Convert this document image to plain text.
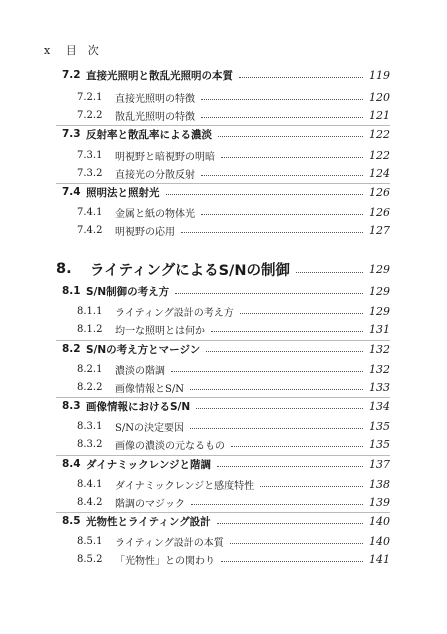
x 目　次
7.2 直接光照明と散乱光照明の本質	119
7.2.1	直接光照明の特徴	120
7.2.2	散乱光照明の特徴	121
7.3 反射率と散乱率による濃淡	122
7.3.1	明視野と暗視野の明暗	122
7.3.2	直接光の分散反射	124
7.4 照明法と照射光	126
7.4.1	金属と紙の物体光	126
7.4.2	明視野の応用	127
8.	ライティングによるS/Nの制御	129
8.1 S/N制御の考え方	129
8.1.1	ライティング設計の考え方	129
8.1.2	均一な照明とは何か	131
8.2 S/Nの考え方とマージン	132
8.2.1	濃淡の階調	132
8.2.2	画像情報とS/N	133
8.3 画像情報におけるS/N	134
8.3.1	S/Nの決定要因	135
8.3.2	画像の濃淡の元なるもの	135
8.4 ダイナミックレンジと階調	137
8.4.1	ダイナミックレンジと感度特性	138
8.4.2	階調のマジック	139
8.5 光物性とライティング設計	140
8.5.1	ライティング設計の本質	140
8.5.2	「光物性」との関わり	141
